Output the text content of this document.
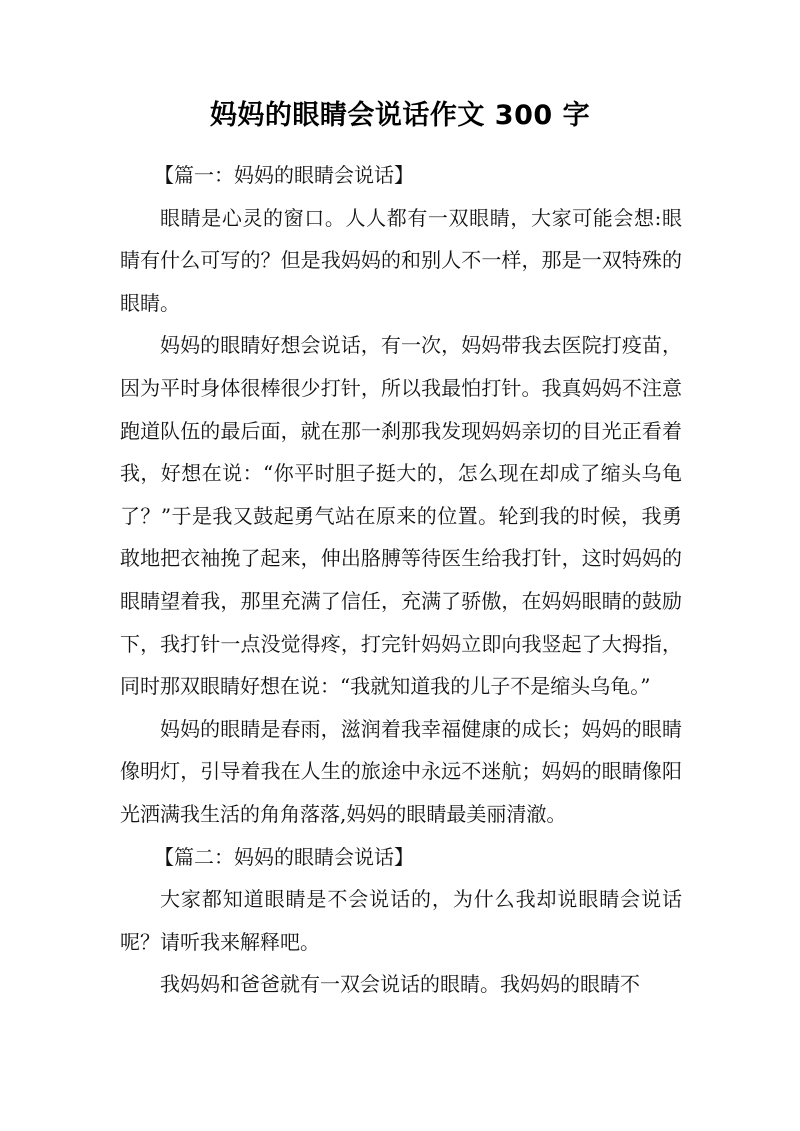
妈妈的眼睛会说话作文 300 字

【篇一：妈妈的眼睛会说话】

眼睛是心灵的窗口。人人都有一双眼睛，大家可能会想:眼睛有什么可写的？但是我妈妈的和别人不一样，那是一双特殊的眼睛。

妈妈的眼睛好想会说话，有一次，妈妈带我去医院打疫苗，因为平时身体很棒很少打针，所以我最怕打针。我真妈妈不注意跑道队伍的最后面，就在那一刹那我发现妈妈亲切的目光正看着我，好想在说：“你平时胆子挺大的，怎么现在却成了缩头乌龟了？”于是我又鼓起勇气站在原来的位置。轮到我的时候，我勇敢地把衣袖挽了起来，伸出胳膊等待医生给我打针，这时妈妈的眼睛望着我，那里充满了信任，充满了骄傲，在妈妈眼睛的鼓励下，我打针一点没觉得疼，打完针妈妈立即向我竖起了大拇指，同时那双眼睛好想在说：“我就知道我的儿子不是缩头乌龟。”

妈妈的眼睛是春雨，滋润着我幸福健康的成长；妈妈的眼睛像明灯，引导着我在人生的旅途中永远不迷航；妈妈的眼睛像阳光洒满我生活的角角落落,妈妈的眼睛最美丽清澈。

【篇二：妈妈的眼睛会说话】

大家都知道眼睛是不会说话的，为什么我却说眼睛会说话呢？请听我来解释吧。

我妈妈和爸爸就有一双会说话的眼睛。我妈妈的眼睛不
